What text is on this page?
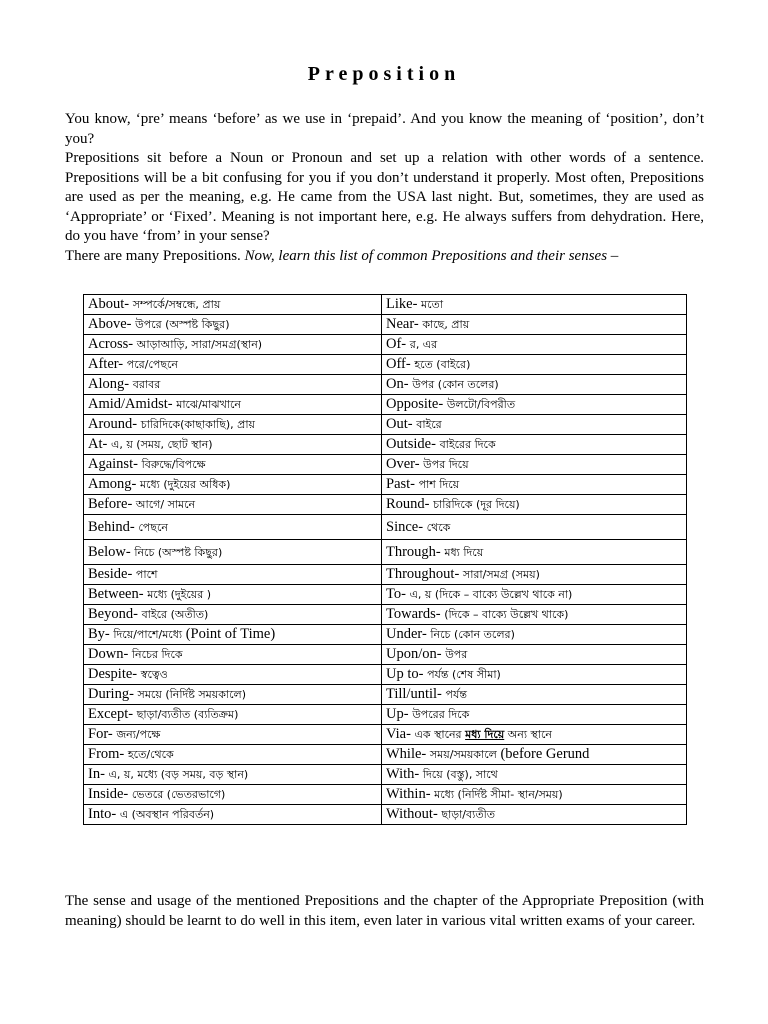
Preposition

You know, ‘pre’ means ‘before’ as we use in ‘prepaid’. And you know the meaning of ‘position’, don’t you?

Prepositions sit before a Noun or Pronoun and set up a relation with other words of a sentence. Prepositions will be a bit confusing for you if you don’t understand it properly. Most often, Prepositions are used as per the meaning, e.g. He came from the USA last night. But, sometimes, they are used as ‘Appropriate’ or ‘Fixed’. Meaning is not important here, e.g. He always suffers from dehydration. Here, do you have ‘from’ in your sense?

There are many Prepositions. Now, learn this list of common Prepositions and their senses –

About- সম্পর্কে/সম্বন্ধে, প্রায়	Like- মতো
Above- উপরে (অস্পষ্ট কিছুর)	Near- কাছে, প্রায়
Across- আড়াআড়ি, সারা/সমগ্র(স্থান)	Of- র, এর
After- পরে/পেছনে	Off- হতে (বাইরে)
Along- বরাবর	On- উপর (কোন তলের)
Amid/Amidst- মাঝে/মাঝখানে	Opposite- উলটো/বিপরীত
Around- চারিদিকে(কাছাকাছি), প্রায়	Out- বাইরে
At- এ, য় (সময়, ছোট স্থান)	Outside- বাইরের দিকে
Against- বিরুদ্ধে/বিপক্ষে	Over- উপর দিয়ে
Among- মধ্যে (দুইয়ের অধিক)	Past- পাশ দিয়ে
Before- আগে/ সামনে	Round- চারিদিকে (দূর দিয়ে)
Behind- পেছনে	Since- থেকে
Below- নিচে (অস্পষ্ট কিছুর)	Through- মধ্য দিয়ে
Beside- পাশে	Throughout- সারা/সমগ্র (সময়)
Between- মধ্যে (দুইয়ের )	To- এ, য় (দিকে – বাক্যে উল্লেখ থাকে না)
Beyond- বাইরে (অতীত)	Towards- (দিকে – বাক্যে উল্লেখ থাকে)
By- দিয়ে/পাশে/মধ্যে (Point of Time)	Under- নিচে (কোন তলের)
Down- নিচের দিকে	Upon/on- উপর
Despite- স্বত্বেও	Up to- পর্যন্ত (শেষ সীমা)
During- সময়ে (নির্দিষ্ট সময়কালে)	Till/until- পর্যন্ত
Except- ছাড়া/ব্যতীত (ব্যতিক্রম)	Up- উপরের দিকে
For- জন্য/পক্ষে	Via- এক স্থানের মধ্য দিয়ে অন্য স্থানে
From- হতে/থেকে	While- সময়/সময়কালে (before Gerund
In- এ, য়, মধ্যে (বড় সময়, বড় স্থান)	With- দিয়ে (বস্তু), সাথে
Inside- ভেতরে (ভেতরভাগে)	Within- মধ্যে (নির্দিষ্ট সীমা- স্থান/সময়)
Into- এ (অবস্থান পরিবর্তন)	Without- ছাড়া/ব্যতীত
The sense and usage of the mentioned Prepositions and the chapter of the Appropriate Preposition (with meaning) should be learnt to do well in this item, even later in various vital written exams of your career.
